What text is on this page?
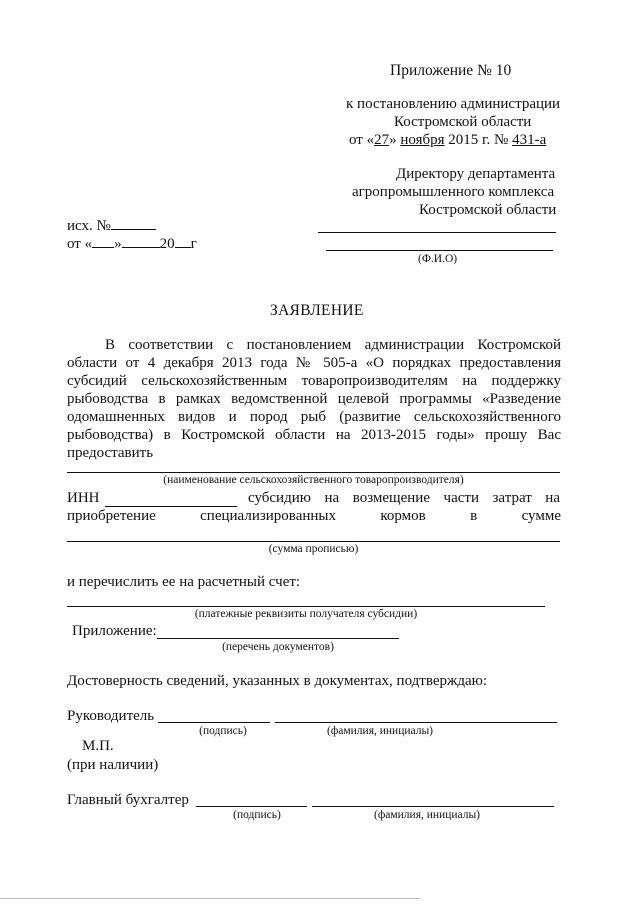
Приложение № 10
к постановлению администрации
Костромской области
от «27» ноября 2015 г. № 431-а
Директору департамента
агропромышленного комплекса
Костромской области
(Ф.И.О)
исх. №
от « »	20 г
ЗАЯВЛЕНИЕ
В соответствии с постановлением администрации Костромской
области от 4 декабря 2013 года № 505-а «О порядках предоставления
субсидий сельскохозяйственным товаропроизводителям на поддержку
рыбоводства в рамках ведомственной целевой программы «Разведение
одомашненных видов и пород рыб (развитие сельскохозяйственного
рыбоводства) в Костромской области на 2013-2015 годы» прошу Вас
предоставить
(наименование сельскохозяйственного товаропроизводителя)
ИНН	субсидию на возмещение части затрат на
приобретение специализированных кормов в сумме
(сумма прописью)
и перечислить ее на расчетный счет:
(платежные реквизиты получателя субсидии)
Приложение:
(перечень документов)
Достоверность сведений, указанных в документах, подтверждаю:
Руководитель
(подпись)	(фамилия, инициалы)
М.П.
(при наличии)
Главный бухгалтер
(подпись)	(фамилия, инициалы)
